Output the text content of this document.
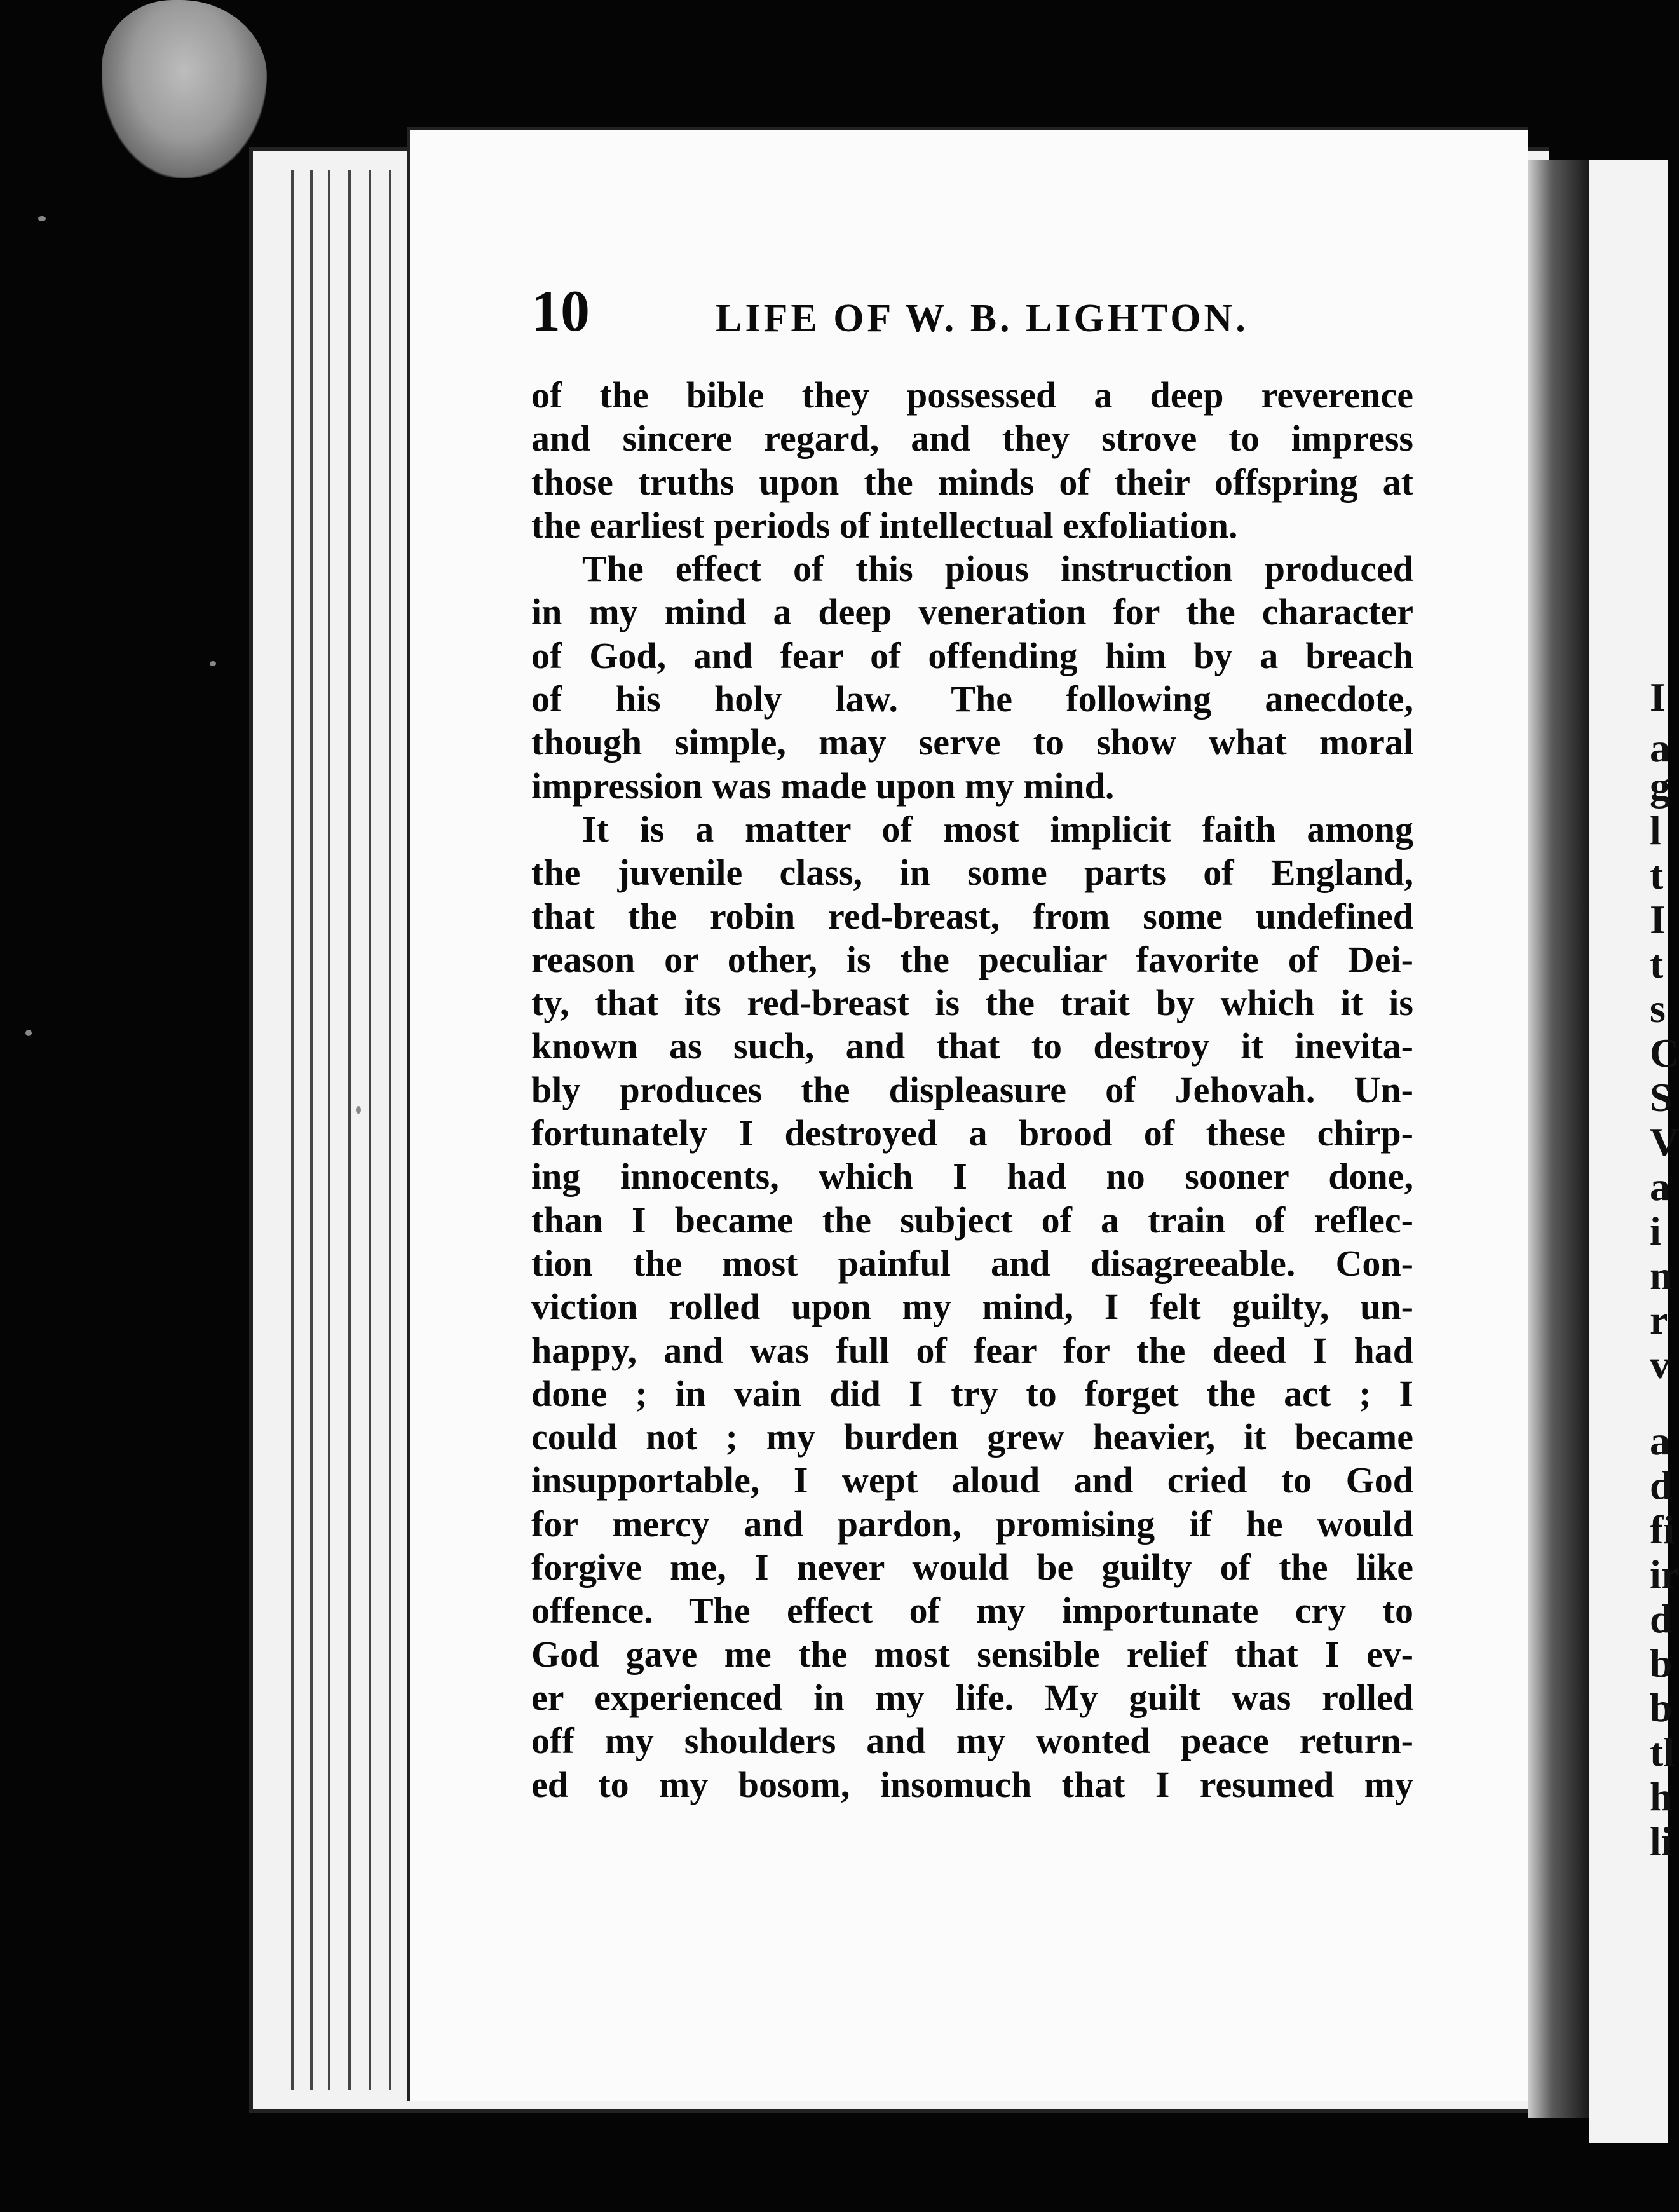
I
a
g
l
t
I
t
s
C
S
V
a
i
n
r
v
a
d
fi
ir
d
b
b
tl
h
li
10	LIFE OF W. B. LIGHTON.
of the bible they possessed a deep reverence
and sincere regard, and they strove to impress
those truths upon the minds of their offspring at
the earliest periods of intellectual exfoliation.
The effect of this pious instruction produced
in my mind a deep veneration for the character
of God, and fear of offending him by a breach
of his holy law. The following anecdote,
though simple, may serve to show what moral
impression was made upon my mind.
It is a matter of most implicit faith among
the juvenile class, in some parts of England,
that the robin red-breast, from some undefined
reason or other, is the peculiar favorite of Dei-
ty, that its red-breast is the trait by which it is
known as such, and that to destroy it inevita-
bly produces the displeasure of Jehovah. Un-
fortunately I destroyed a brood of these chirp-
ing innocents, which I had no sooner done,
than I became the subject of a train of reflec-
tion the most painful and disagreeable. Con-
viction rolled upon my mind, I felt guilty, un-
happy, and was full of fear for the deed I had
done ; in vain did I try to forget the act ; I
could not ; my burden grew heavier, it became
insupportable, I wept aloud and cried to God
for mercy and pardon, promising if he would
forgive me, I never would be guilty of the like
offence. The effect of my importunate cry to
God gave me the most sensible relief that I ev-
er experienced in my life. My guilt was rolled
off my shoulders and my wonted peace return-
ed to my bosom, insomuch that I resumed my
